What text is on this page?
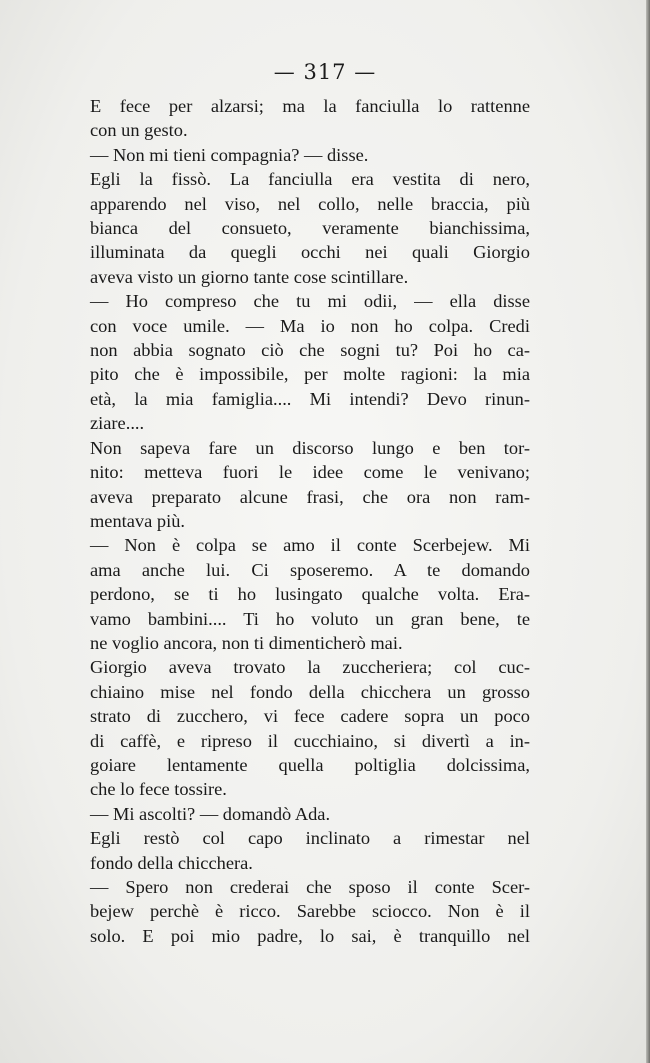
— 317 —
E fece per alzarsi; ma la fanciulla lo rattenne
con un gesto.
— Non mi tieni compagnia? — disse.
Egli la fissò. La fanciulla era vestita di nero,
apparendo nel viso, nel collo, nelle braccia, più
bianca del consueto, veramente bianchissima,
illuminata da quegli occhi nei quali Giorgio
aveva visto un giorno tante cose scintillare.
— Ho compreso che tu mi odii, — ella disse
con voce umile. — Ma io non ho colpa. Credi
non abbia sognato ciò che sogni tu? Poi ho ca-
pito che è impossibile, per molte ragioni: la mia
età, la mia famiglia.... Mi intendi? Devo rinun-
ziare....
Non sapeva fare un discorso lungo e ben tor-
nito: metteva fuori le idee come le venivano;
aveva preparato alcune frasi, che ora non ram-
mentava più.
— Non è colpa se amo il conte Scerbejew. Mi
ama anche lui. Ci sposeremo. A te domando
perdono, se ti ho lusingato qualche volta. Era-
vamo bambini.... Ti ho voluto un gran bene, te
ne voglio ancora, non ti dimenticherò mai.
Giorgio aveva trovato la zuccheriera; col cuc-
chiaino mise nel fondo della chicchera un grosso
strato di zucchero, vi fece cadere sopra un poco
di caffè, e ripreso il cucchiaino, si divertì a in-
goiare lentamente quella poltiglia dolcissima,
che lo fece tossire.
— Mi ascolti? — domandò Ada.
Egli restò col capo inclinato a rimestar nel
fondo della chicchera.
— Spero non crederai che sposo il conte Scer-
bejew perchè è ricco. Sarebbe sciocco. Non è il
solo. E poi mio padre, lo sai, è tranquillo nel
